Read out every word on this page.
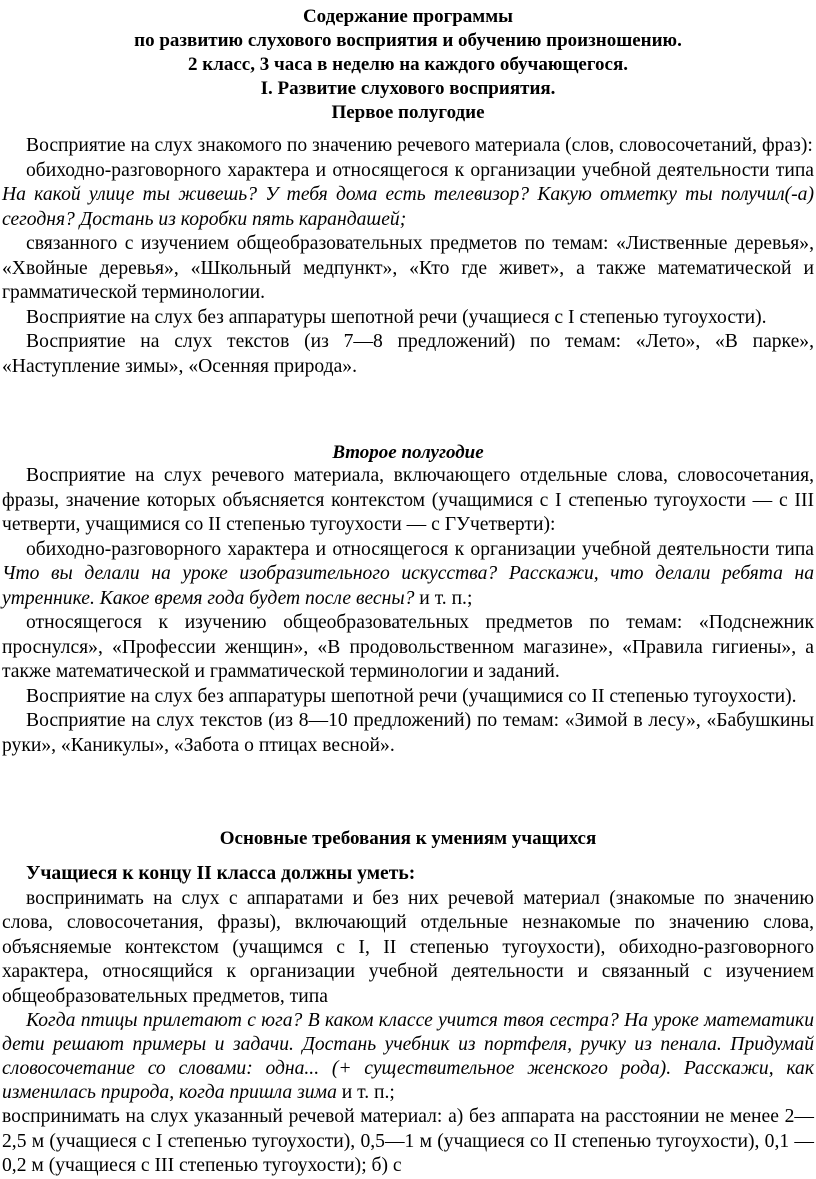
Содержание программы
по развитию слухового восприятия и обучению произношению.
2 класс, 3 часа в неделю на каждого обучающегося.
I. Развитие слухового восприятия.
Первое полугодие

Восприятие на слух знакомого по значению речевого материала (слов, словосочетаний, фраз):

обиходно-разговорного характера и относящегося к организации учебной деятельности типа На какой улице ты живешь? У тебя дома есть телевизор? Какую отметку ты получил(-а) сегодня? Достань из коробки пять карандашей;

связанного с изучением общеобразовательных предметов по темам: «Лиственные деревья», «Хвойные деревья», «Школьный медпункт», «Кто где живет», а также математической и грамматической терминологии.

Восприятие на слух без аппаратуры шепотной речи (учащиеся с I степенью тугоухости).

Восприятие на слух текстов (из 7—8 предложений) по темам: «Лето», «В парке», «Наступление зимы», «Осенняя природа».

Второе полугодие

Восприятие на слух речевого материала, включающего отдельные слова, словосочетания, фразы, значение которых объясняется контекстом (учащимися с I степенью тугоухости — с III четверти, учащимися со II степенью тугоухости — с ГУчетверти):

обиходно-разговорного характера и относящегося к организации учебной деятельности типа Что вы делали на уроке изобразительного искусства? Расскажи, что делали ребята на утреннике. Какое время года будет после весны? и т. п.;

относящегося к изучению общеобразовательных предметов по темам: «Подснежник проснулся», «Профессии женщин», «В продовольственном магазине», «Правила гигиены», а также математической и грамматической терминологии и заданий.

Восприятие на слух без аппаратуры шепотной речи (учащимися со II степенью тугоухости).

Восприятие на слух текстов (из 8—10 предложений) по темам: «Зимой в лесу», «Бабушкины руки», «Каникулы», «Забота о птицах весной».

Основные требования к умениям учащихся

Учащиеся к концу II класса должны уметь:

воспринимать на слух с аппаратами и без них речевой материал (знакомые по значению слова, словосочетания, фразы), включающий отдельные незнакомые по значению слова, объясняемые контекстом (учащимся с I, II степенью тугоухости), обиходно-разговорного характера, относящийся к организации учебной деятельности и связанный с изучением общеобразовательных предметов, типа

Когда птицы прилетают с юга? В каком классе учится твоя сестра? На уроке математики дети решают примеры и задачи. Достань учебник из портфеля, ручку из пенала. Придумай словосочетание со словами: одна... (+ существительное женского рода). Расскажи, как изменилась природа, когда пришла зима и т. п.;

воспринимать на слух указанный речевой материал: а) без аппарата на расстоянии не менее 2—2,5 м (учащиеся с I степенью тугоухости), 0,5—1 м (учащиеся со II степенью тугоухости), 0,1 — 0,2 м (учащиеся с III степенью тугоухости); б) с
